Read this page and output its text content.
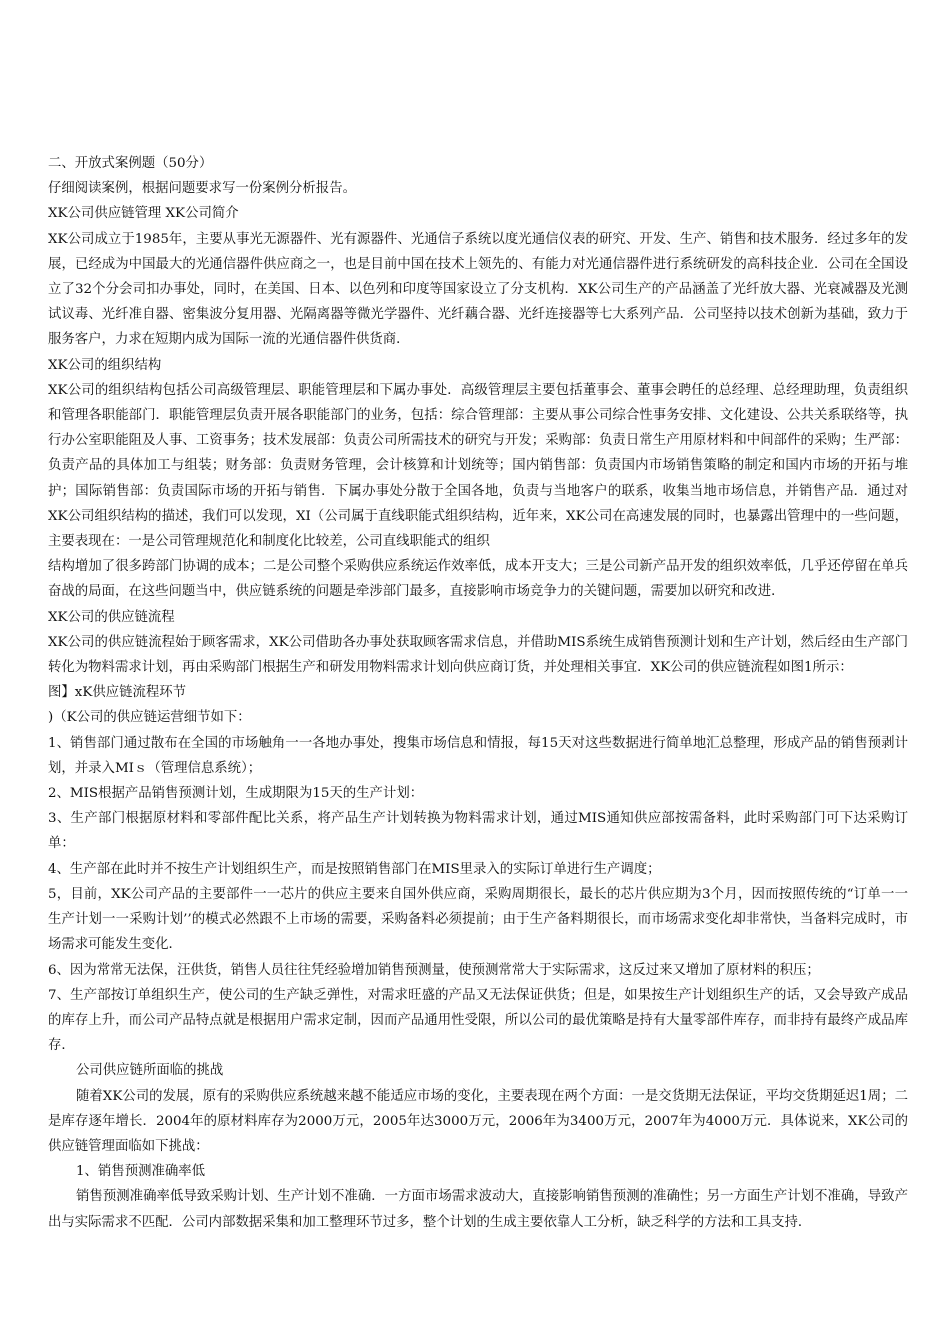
二、开放式案例题（50分）

仔细阅读案例，根据问题要求写一份案例分析报告。

XK公司供应链管理 XK公司简介

XK公司成立于1985年，主要从事光无源器件、光有源器件、光通信子系统以度光通信仪表的研究、开发、生产、销售和技术服务．经过多年的发展，已经成为中国最大的光通信器件供应商之一，也是目前中国在技术上领先的、有能力对光通信器件进行系统研发的高科技企业．公司在全国设立了32个分会司扣办事处，同时，在美国、日本、以色列和印度等国家设立了分支机构．XK公司生产的产品涵盖了光纤放大器、光衰减器及光测试议毒、光纤准自器、密集波分复用器、光隔离器等微光学器件、光纤藕合器、光纤连接器等七大系列产品．公司坚持以技术创新为基础，致力于服务客户，力求在短期内成为国际一流的光通信器件供货商．

XK公司的组织结构

XK公司的组织结构包括公司高级管理层、职能管理层和下属办事处．高级管理层主要包括董事会、董事会聘任的总经理、总经理助理，负责组织和管理各职能部门．职能管理层负责开展各职能部门的业务，包括：综合管理部：主要从事公司综合性事务安排、文化建设、公共关系联络等，执行办公室职能阻及人事、工资事务；技术发展部：负责公司所需技术的研究与开发；采购部：负责日常生产用原材料和中间部件的采购；生严部：负责产品的具体加工与组装；财务部：负责财务管理，会计核算和计划统等；国内销售部：负责国内市场销售策略的制定和国内市场的开拓与堆护；国际销售部：负责国际市场的开拓与销售．下属办事处分散于全国各地，负责与当地客户的联系，收集当地市场信息，并销售产品．通过对XK公司组织结构的描述，我们可以发现，XI（公司属于直线职能式组织结构，近年来，XK公司在高速发展的同时，也暴露出管理中的一些问题，主要表现在：一是公司管理规范化和制度化比较差，公司直线职能式的组织

结构增加了很多跨部门协调的成本；二是公司整个采购供应系统运作效率低，成本开支大；三是公司新产品开发的组织效率低，几乎还停留在单兵奋战的局面，在这些问题当中，供应链系统的问题是牵涉部门最多，直接影响市场竞争力的关键问题，需要加以研究和改进．

XK公司的供应链流程

XK公司的供应链流程始于顾客需求，XK公司借助各办事处获取顾客需求信息，并借助MIS系统生成销售预测计划和生产计划，然后经由生产部门转化为物料需求计划，再由采购部门根据生产和研发用物料需求计划向供应商订货，并处理相关事宜．XK公司的供应链流程如图1所示：

图】xK供应链流程环节

)（K公司的供应链运营细节如下：

1、销售部门通过散布在全国的市场触角一一各地办事处，搜集市场信息和情报，每15天对这些数据进行简单地汇总整理，形成产品的销售预剥计划，并录入MIｓ（管理信息系统）；

2、MIS根据产品销售预测计划，生成期限为15天的生产计划：

3、生产部门根据原材料和零部件配比关系，将产品生产计划转换为物料需求计划，通过MIS通知供应部按需备料，此时采购部门可下达采购订单：

4、生产部在此时并不按生产计划组织生产，而是按照销售部门在MIS里录入的实际订单进行生产调度；

5，目前，XK公司产品的主要部件一一芯片的供应主要来自国外供应商，采购周期很长，最长的芯片供应期为3个月，因而按照传统的“订单一一生产计划一一采购计划’’的模式必然跟不上市场的需要，采购备料必须提前；由于生产备料期很长，而市场需求变化却非常快，当备料完成时，市场需求可能发生变化．

6、因为常常无法保，汪供货，销售人员往往凭经验增加销售预测量，使预测常常大于实际需求，这反过来又增加了原材料的积压；

7、生产部按订单组织生产，使公司的生产缺乏弹性，对需求旺盛的产品又无法保证供货；但是，如果按生产计划组织生产的话，又会导致产成品的库存上升，而公司产品特点就是根据用户需求定制，因而产品通用性受限，所以公司的最优策略是持有大量零部件库存，而非持有最终产成品库存．

公司供应链所面临的挑战

随着XK公司的发展，原有的采购供应系统越来越不能适应市场的变化，主要表现在两个方面：一是交货期无法保证，平均交货期延迟1周；二是库存逐年增长．2004年的原材料库存为2000万元，2005年达3000万元，2006年为3400万元，2007年为4000万元．具体说来，XK公司的供应链管理面临如下挑战：

1、销售预测准确率低

销售预测准确率低导致采购计划、生产计划不准确．一方面市场需求波动大，直接影响销售预测的准确性；另一方面生产计划不准确，导致产出与实际需求不匹配．公司内部数据采集和加工整理环节过多，整个计划的生成主要依靠人工分析，缺乏科学的方法和工具支持．
